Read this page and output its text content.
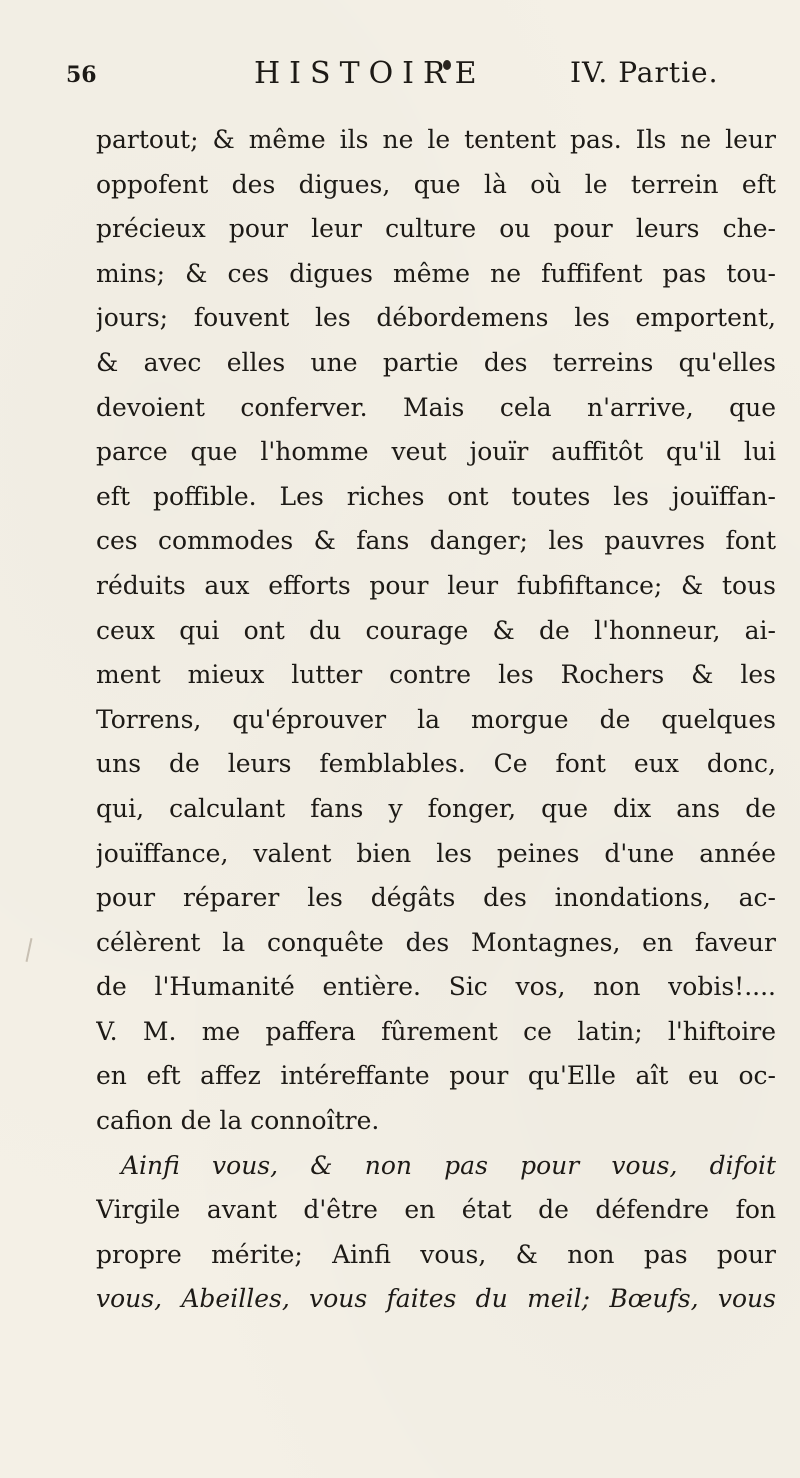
56	HISTOIRE	IV. Partie.
partout; & même ils ne le tentent pas. Ils ne leur
oppofent des digues, que là où le terrein eft
précieux pour leur culture ou pour leurs che-
mins; & ces digues même ne fuffifent pas tou-
jours; fouvent les débordemens les emportent,
& avec elles une partie des terreins qu'elles
devoient conferver. Mais cela n'arrive, que
parce que l'homme veut jouïr auffitôt qu'il lui
eft poffible. Les riches ont toutes les jouïffan-
ces commodes & fans danger; les pauvres font
réduits aux efforts pour leur fubfiftance; & tous
ceux qui ont du courage & de l'honneur, ai-
ment mieux lutter contre les Rochers & les
Torrens, qu'éprouver la morgue de quelques
uns de leurs femblables. Ce font eux donc,
qui, calculant fans y fonger, que dix ans de
jouïffance, valent bien les peines d'une année
pour réparer les dégâts des inondations, ac-
célèrent la conquête des Montagnes, en faveur
de l'Humanité entière. Sic vos, non vobis!....
V. M. me paffera fûrement ce latin; l'hiftoire
en eft affez intéreffante pour qu'Elle aît eu oc-
cafion de la connoître.
Ainfi vous, & non pas pour vous, difoit
Virgile avant d'être en état de défendre fon
propre mérite; Ainfi vous, & non pas pour
vous, Abeilles, vous faites du meil; Bœufs, vous
